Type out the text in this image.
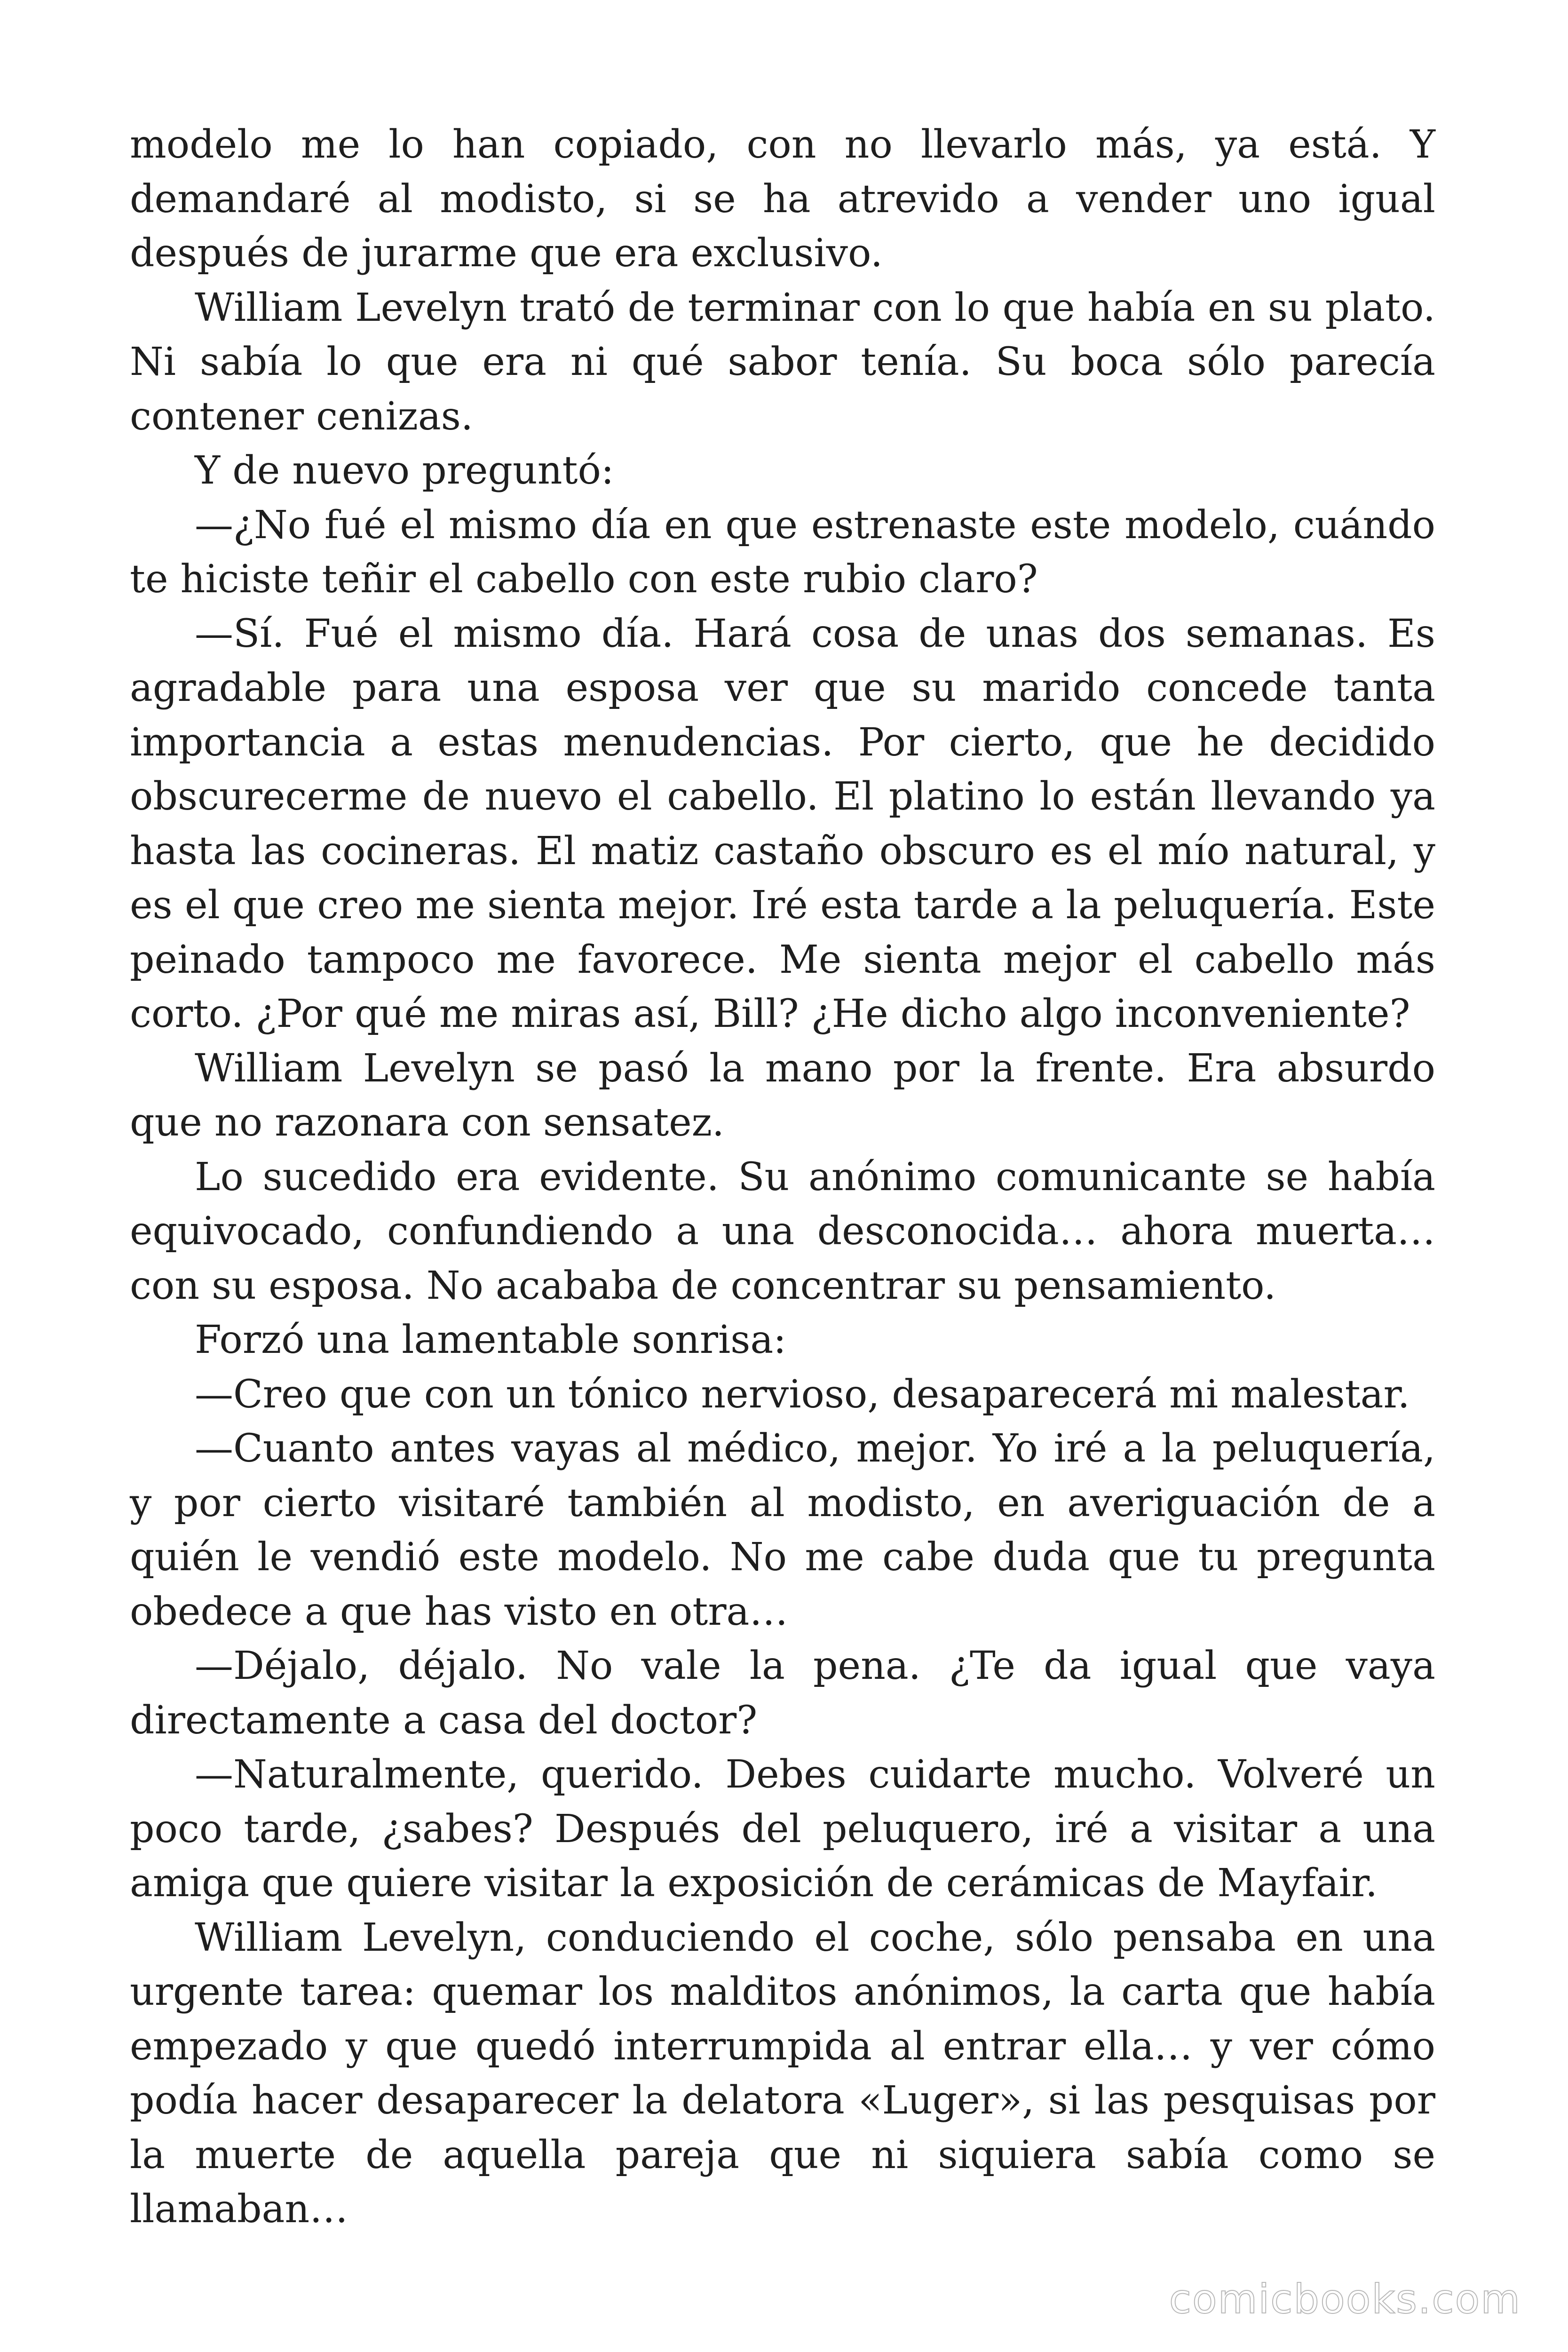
modelo me lo han copiado, con no llevarlo más, ya está. Y demandaré al modisto, si se ha atrevido a vender uno igual después de jurarme que era exclusivo.

William Levelyn trató de terminar con lo que había en su plato. Ni sabía lo que era ni qué sabor tenía. Su boca sólo parecía contener cenizas.

Y de nuevo preguntó:

—¿No fué el mismo día en que estrenaste este modelo, cuándo te hiciste teñir el cabello con este rubio claro?

—Sí. Fué el mismo día. Hará cosa de unas dos semanas. Es agradable para una esposa ver que su marido concede tanta importancia a estas menudencias. Por cierto, que he decidido obscurecerme de nuevo el cabello. El platino lo están llevando ya hasta las cocineras. El matiz castaño obscuro es el mío natural, y es el que creo me sienta mejor. Iré esta tarde a la peluquería. Este peinado tampoco me favorece. Me sienta mejor el cabello más corto. ¿Por qué me miras así, Bill? ¿He dicho algo inconveniente?

William Levelyn se pasó la mano por la frente. Era absurdo que no razonara con sensatez.

Lo sucedido era evidente. Su anónimo comunicante se había equivocado, confundiendo a una desconocida… ahora muerta… con su esposa. No acababa de concentrar su pensamiento.

Forzó una lamentable sonrisa:

—Creo que con un tónico nervioso, desaparecerá mi malestar.

—Cuanto antes vayas al médico, mejor. Yo iré a la peluquería, y por cierto visitaré también al modisto, en averiguación de a quién le vendió este modelo. No me cabe duda que tu pregunta obedece a que has visto en otra…

—Déjalo, déjalo. No vale la pena. ¿Te da igual que vaya directamente a casa del doctor?

—Naturalmente, querido. Debes cuidarte mucho. Volveré un poco tarde, ¿sabes? Después del peluquero, iré a visitar a una amiga que quiere visitar la exposición de cerámicas de Mayfair.

William Levelyn, conduciendo el coche, sólo pensaba en una urgente tarea: quemar los malditos anónimos, la carta que había empezado y que quedó interrumpida al entrar ella… y ver cómo podía hacer desaparecer la delatora «Luger», si las pesquisas por la muerte de aquella pareja que ni siquiera sabía como se llamaban…

comicbooks.com
